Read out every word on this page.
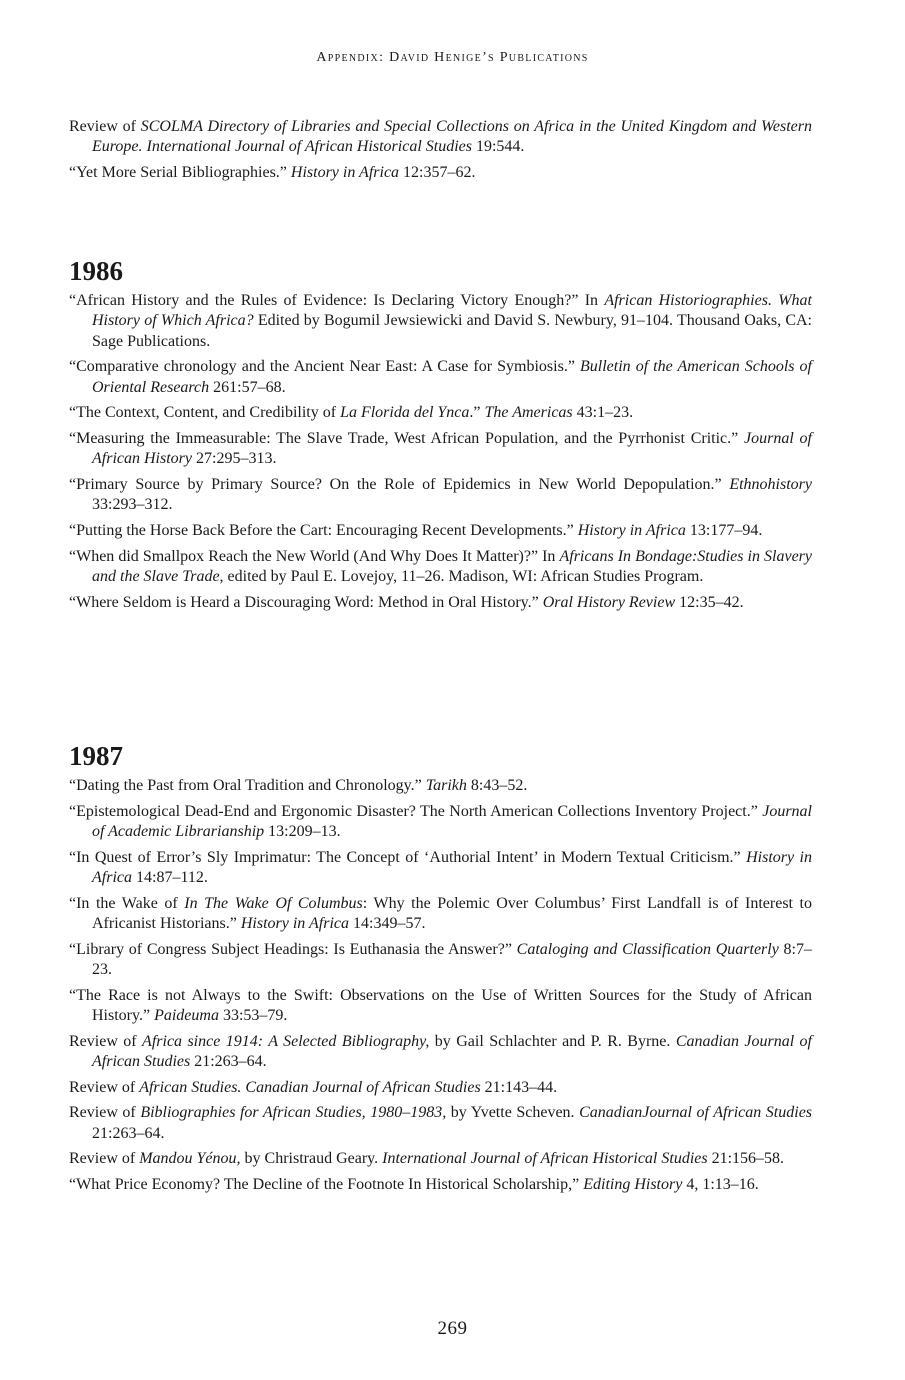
Appendix: David Henige’s Publications

Review of SCOLMA Directory of Libraries and Special Collections on Africa in the United Kingdom and Western Europe. International Journal of African Historical Studies 19:544.

“Yet More Serial Bibliographies.” History in Africa 12:357–62.

1986

“African History and the Rules of Evidence: Is Declaring Victory Enough?” In African Historiographies. What History of Which Africa? Edited by Bogumil Jewsiewicki and David S. Newbury, 91–104. Thousand Oaks, CA: Sage Publications.

“Comparative chronology and the Ancient Near East: A Case for Symbiosis.” Bulletin of the American Schools of Oriental Research 261:57–68.

“The Context, Content, and Credibility of La Florida del Ynca.” The Americas 43:1–23.

“Measuring the Immeasurable: The Slave Trade, West African Population, and the Pyrrhonist Critic.” Journal of African History 27:295–313.

“Primary Source by Primary Source? On the Role of Epidemics in New World Depopulation.” Ethnohistory 33:293–312.

“Putting the Horse Back Before the Cart: Encouraging Recent Developments.” History in Africa 13:177–94.

“When did Smallpox Reach the New World (And Why Does It Matter)?” In Africans In Bondage:Studies in Slavery and the Slave Trade, edited by Paul E. Lovejoy, 11–26. Madison, WI: African Studies Program.

“Where Seldom is Heard a Discouraging Word: Method in Oral History.” Oral History Review 12:35–42.

1987

“Dating the Past from Oral Tradition and Chronology.” Tarikh 8:43–52.

“Epistemological Dead-End and Ergonomic Disaster? The North American Collections Inventory Project.” Journal of Academic Librarianship 13:209–13.

“In Quest of Error’s Sly Imprimatur: The Concept of ‘Authorial Intent’ in Modern Textual Criticism.” History in Africa 14:87–112.

“In the Wake of In The Wake Of Columbus: Why the Polemic Over Columbus’ First Landfall is of Interest to Africanist Historians.” History in Africa 14:349–57.

“Library of Congress Subject Headings: Is Euthanasia the Answer?” Cataloging and Classification Quarterly 8:7–23.

“The Race is not Always to the Swift: Observations on the Use of Written Sources for the Study of African History.” Paideuma 33:53–79.

Review of Africa since 1914: A Selected Bibliography, by Gail Schlachter and P. R. Byrne. Canadian Journal of African Studies 21:263–64.

Review of African Studies. Canadian Journal of African Studies 21:143–44.

Review of Bibliographies for African Studies, 1980–1983, by Yvette Scheven. CanadianJournal of African Studies 21:263–64.

Review of Mandou Yénou, by Christraud Geary. International Journal of African Historical Studies 21:156–58.

“What Price Economy? The Decline of the Footnote In Historical Scholarship,” Editing History 4, 1:13–16.

269
